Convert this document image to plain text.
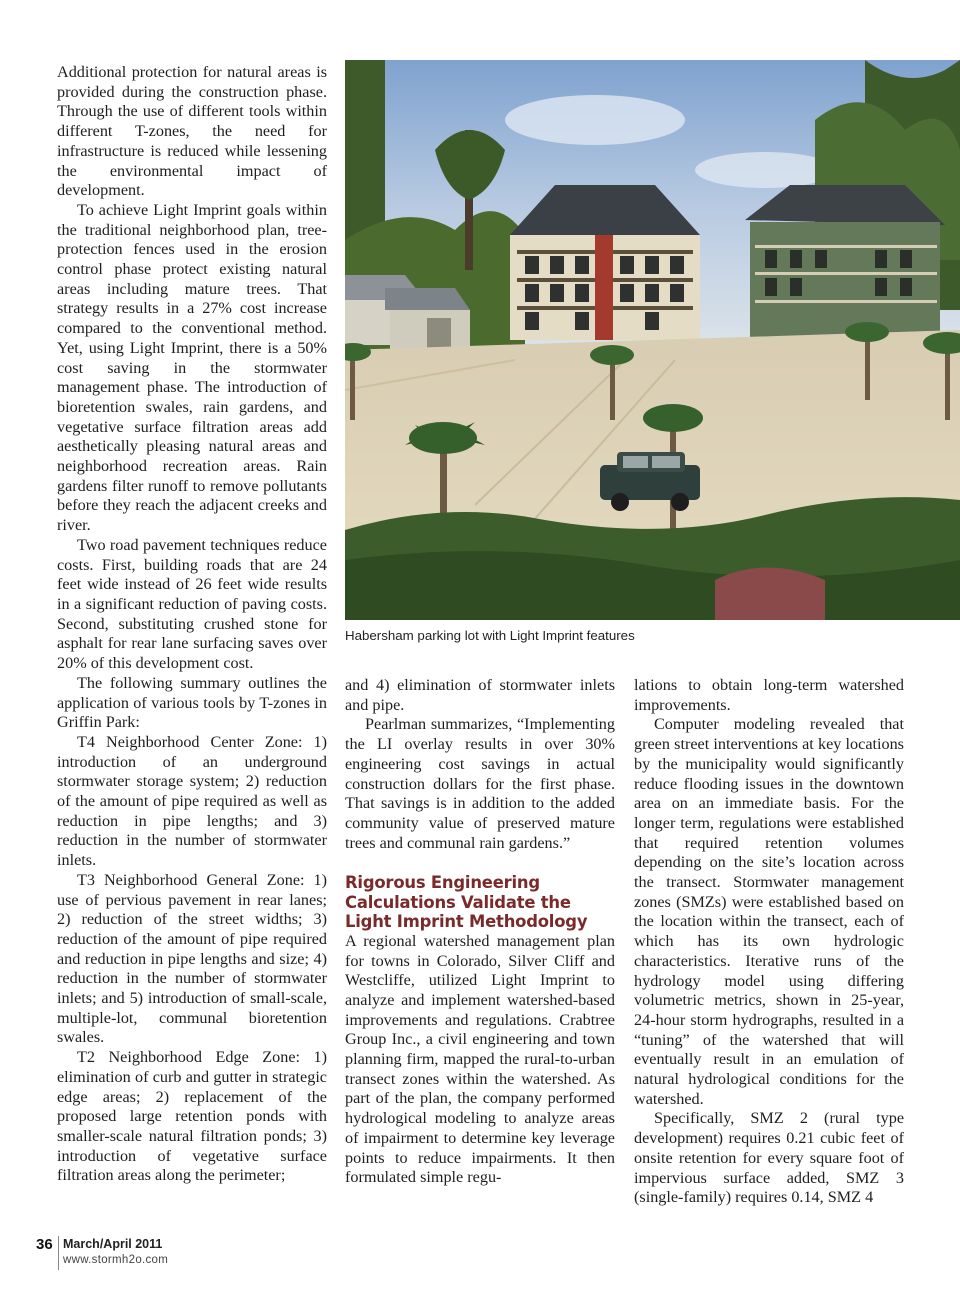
Additional protection for natural areas is provided during the construction phase. Through the use of different tools within different T-zones, the need for infrastructure is reduced while lessening the environmental impact of development.

To achieve Light Imprint goals within the traditional neighborhood plan, tree-protection fences used in the erosion control phase protect existing natural areas including mature trees. That strategy results in a 27% cost increase compared to the conventional method. Yet, using Light Imprint, there is a 50% cost saving in the stormwater management phase. The introduction of bioretention swales, rain gardens, and vegetative surface filtration areas add aesthetically pleasing natural areas and neighborhood recreation areas. Rain gardens filter runoff to remove pollutants before they reach the adjacent creeks and river.

Two road pavement techniques reduce costs. First, building roads that are 24 feet wide instead of 26 feet wide results in a significant reduction of paving costs. Second, substituting crushed stone for asphalt for rear lane surfacing saves over 20% of this development cost.

The following summary outlines the application of various tools by T-zones in Griffin Park:

T4 Neighborhood Center Zone: 1) introduction of an underground stormwater storage system; 2) reduction of the amount of pipe required as well as reduction in pipe lengths; and 3) reduction in the number of stormwater inlets.

T3 Neighborhood General Zone: 1) use of pervious pavement in rear lanes; 2) reduction of the street widths; 3) reduction of the amount of pipe required and reduction in pipe lengths and size; 4) reduction in the number of stormwater inlets; and 5) introduction of small-scale, multiple-lot, communal bioretention swales.

T2 Neighborhood Edge Zone: 1) elimination of curb and gutter in strategic edge areas; 2) replacement of the proposed large retention ponds with smaller-scale natural filtration ponds; 3) introduction of vegetative surface filtration areas along the perimeter;

Habersham parking lot with Light Imprint features

and 4) elimination of stormwater inlets and pipe.

Pearlman summarizes, “Implementing the LI overlay results in over 30% engineering cost savings in actual construction dollars for the first phase. That savings is in addition to the added community value of preserved mature trees and communal rain gardens.”

Rigorous Engineering Calculations Validate the Light Imprint Methodology

A regional watershed management plan for towns in Colorado, Silver Cliff and Westcliffe, utilized Light Imprint to analyze and implement watershed-based improvements and regulations. Crabtree Group Inc., a civil engineering and town planning firm, mapped the rural-to-urban transect zones within the watershed. As part of the plan, the company performed hydrological modeling to analyze areas of impairment to determine key leverage points to reduce impairments. It then formulated simple regu-

lations to obtain long-term watershed improvements.

Computer modeling revealed that green street interventions at key locations by the municipality would significantly reduce flooding issues in the downtown area on an immediate basis. For the longer term, regulations were established that required retention volumes depending on the site’s location across the transect. Stormwater management zones (SMZs) were established based on the location within the transect, each of which has its own hydrologic characteristics. Iterative runs of the hydrology model using differing volumetric metrics, shown in 25-year, 24-hour storm hydrographs, resulted in a “tuning” of the watershed that will eventually result in an emulation of natural hydrological conditions for the watershed.

Specifically, SMZ 2 (rural type development) requires 0.21 cubic feet of onsite retention for every square foot of impervious surface added, SMZ 3 (single-family) requires 0.14, SMZ 4

36 March/April 2011
www.stormh2o.com
